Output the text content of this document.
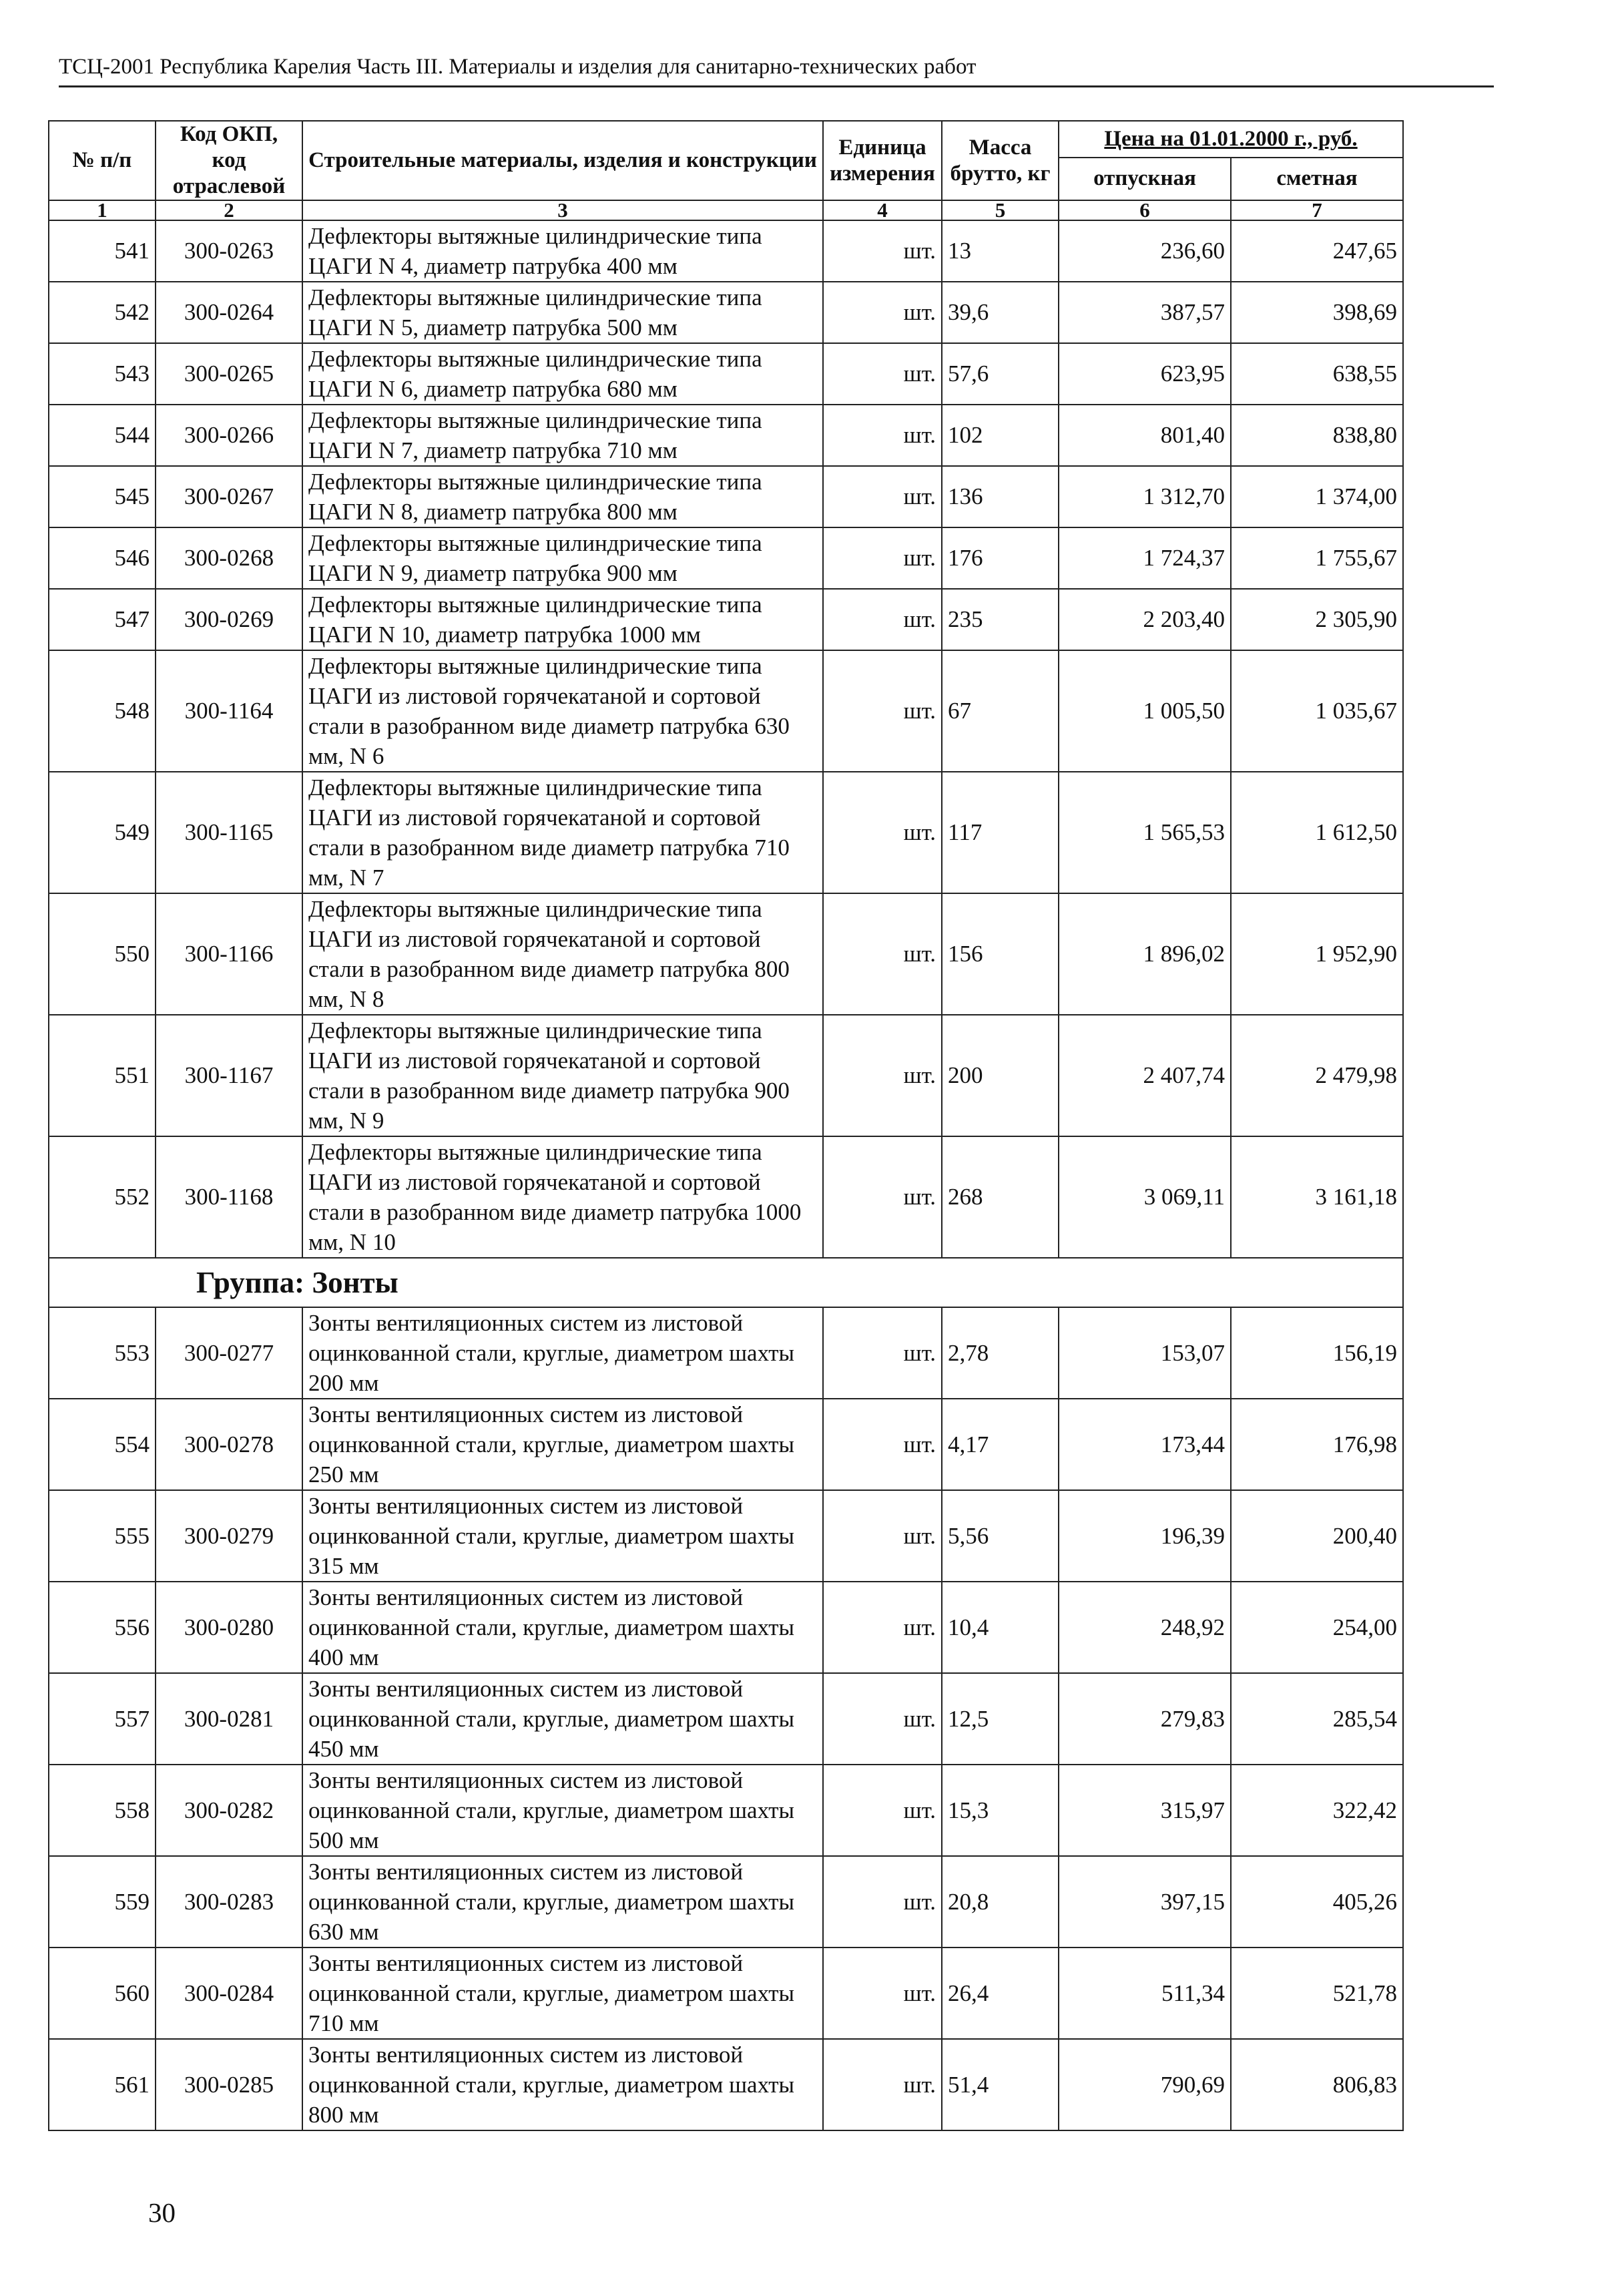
ТСЦ-2001 Республика Карелия Часть III. Материалы и изделия для санитарно-технических работ
№ п/п	Код ОКП, код отраслевой	Строительные материалы, изделия и конструкции	Единица измерения	Масса брутто, кг	Цена на 01.01.2000 г., руб.	
					отпускная	сметная
1	2	3	4	5	6	7
541	300-0263	Дефлекторы вытяжные цилиндрические типа ЦАГИ N 4, диаметр патрубка 400 мм	шт.	13	236,60	247,65
542	300-0264	Дефлекторы вытяжные цилиндрические типа ЦАГИ N 5, диаметр патрубка 500 мм	шт.	39,6	387,57	398,69
543	300-0265	Дефлекторы вытяжные цилиндрические типа ЦАГИ N 6, диаметр патрубка 680 мм	шт.	57,6	623,95	638,55
544	300-0266	Дефлекторы вытяжные цилиндрические типа ЦАГИ N 7, диаметр патрубка 710 мм	шт.	102	801,40	838,80
545	300-0267	Дефлекторы вытяжные цилиндрические типа ЦАГИ N 8, диаметр патрубка 800 мм	шт.	136	1 312,70	1 374,00
546	300-0268	Дефлекторы вытяжные цилиндрические типа ЦАГИ N 9, диаметр патрубка 900 мм	шт.	176	1 724,37	1 755,67
547	300-0269	Дефлекторы вытяжные цилиндрические типа ЦАГИ N 10, диаметр патрубка 1000 мм	шт.	235	2 203,40	2 305,90
548	300-1164	Дефлекторы вытяжные цилиндрические типа ЦАГИ из листовой горячекатаной и сортовой стали в разобранном виде диаметр патрубка 630 мм, N 6	шт.	67	1 005,50	1 035,67
549	300-1165	Дефлекторы вытяжные цилиндрические типа ЦАГИ из листовой горячекатаной и сортовой стали в разобранном виде диаметр патрубка 710 мм, N 7	шт.	117	1 565,53	1 612,50
550	300-1166	Дефлекторы вытяжные цилиндрические типа ЦАГИ из листовой горячекатаной и сортовой стали в разобранном виде диаметр патрубка 800 мм, N 8	шт.	156	1 896,02	1 952,90
551	300-1167	Дефлекторы вытяжные цилиндрические типа ЦАГИ из листовой горячекатаной и сортовой стали в разобранном виде диаметр патрубка 900 мм, N 9	шт.	200	2 407,74	2 479,98
552	300-1168	Дефлекторы вытяжные цилиндрические типа ЦАГИ из листовой горячекатаной и сортовой стали в разобранном виде диаметр патрубка 1000 мм, N 10	шт.	268	3 069,11	3 161,18
Группа: Зонты						
553	300-0277	Зонты вентиляционных систем из листовой оцинкованной стали, круглые, диаметром шахты 200 мм	шт.	2,78	153,07	156,19
554	300-0278	Зонты вентиляционных систем из листовой оцинкованной стали, круглые, диаметром шахты 250 мм	шт.	4,17	173,44	176,98
555	300-0279	Зонты вентиляционных систем из листовой оцинкованной стали, круглые, диаметром шахты 315 мм	шт.	5,56	196,39	200,40
556	300-0280	Зонты вентиляционных систем из листовой оцинкованной стали, круглые, диаметром шахты 400 мм	шт.	10,4	248,92	254,00
557	300-0281	Зонты вентиляционных систем из листовой оцинкованной стали, круглые, диаметром шахты 450 мм	шт.	12,5	279,83	285,54
558	300-0282	Зонты вентиляционных систем из листовой оцинкованной стали, круглые, диаметром шахты 500 мм	шт.	15,3	315,97	322,42
559	300-0283	Зонты вентиляционных систем из листовой оцинкованной стали, круглые, диаметром шахты 630 мм	шт.	20,8	397,15	405,26
560	300-0284	Зонты вентиляционных систем из листовой оцинкованной стали, круглые, диаметром шахты 710 мм	шт.	26,4	511,34	521,78
561	300-0285	Зонты вентиляционных систем из листовой оцинкованной стали, круглые, диаметром шахты 800 мм	шт.	51,4	790,69	806,83
30
